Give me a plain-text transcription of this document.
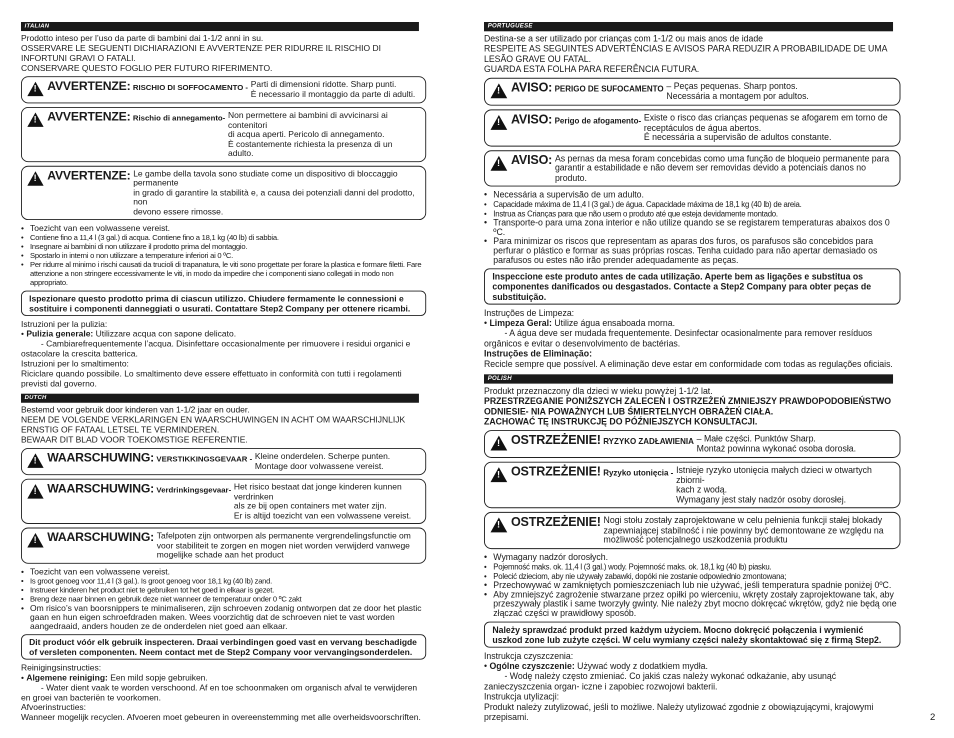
ITALIAN

Prodotto inteso per l’uso da parte di bambini dai 1-1/2 anni in su.

OSSERVARE LE SEGUENTI DICHIARAZIONI E AVVERTENZE PER RIDURRE IL RISCHIO DI INFORTUNI GRAVI O FATALI.

CONSERVARE QUESTO FOGLIO PER FUTURO RIFERIMENTO.

!
AVVERTENZE: RISCHIO DI SOFFOCAMENTO - Parti di dimensioni ridotte. Sharp punti.
È necessario il montaggio da parte di adulti.
!
AVVERTENZE: Rischio di annegamento- Non permettere ai bambini di avvicinarsi ai contenitori
di acqua aperti. Pericolo di annegamento.
È costantemente richiesta la presenza di un adulto.
!
AVVERTENZE: Le gambe della tavola sono studiate come un dispositivo di bloccaggio permanente
in grado di garantire la stabilità e, a causa dei potenziali danni del prodotto, non
devono essere rimosse.
• Toezicht van een volwassene vereist.
• Contiene fino a 11,4 l (3 gal.) di acqua. Contiene fino a 18,1 kg (40 lb) di sabbia.
• Insegnare ai bambini di non utilizzare il prodotto prima del montaggio.
• Spostarlo in interni o non utilizzare a temperature inferiori ai 0 ºC.
• Per ridurre al minimo i rischi causati da trucioli di trapanatura, le viti sono progettate per forare la plastica e formare filetti. Fare attenzione a non stringere eccessivamente le viti, in modo da impedire che i componenti siano collegati in modo non appropriato.
Ispezionare questo prodotto prima di ciascun utilizzo. Chiudere fermamente le connessioni e sostituire i componenti danneggiati o usurati. Contattare Step2 Company per ottenere ricambi.

Istruzioni per la pulizia:

• Pulizia generale: Utilizzare acqua con sapone delicato.

- Cambiarefrequentemente l’acqua. Disinfettare occasionalmente per rimuovere i residui organici e ostacolare la crescita batterica.

Istruzioni per lo smaltimento:

Riciclare quando possibile. Lo smaltimento deve essere effettuato in conformità con tutti i regolamenti previsti dal governo.

DUTCH

Bestemd voor gebruik door kinderen van 1-1/2 jaar en ouder.

NEEM DE VOLGENDE VERKLARINGEN EN WAARSCHUWINGEN IN ACHT OM WAARSCHIJNLIJK ERNSTIG OF FATAAL LETSEL TE VERMINDEREN.

BEWAAR DIT BLAD VOOR TOEKOMSTIGE REFERENTIE.

!
WAARSCHUWING: VERSTIKKINGSGEVAAR - Kleine onderdelen. Scherpe punten.
Montage door volwassene vereist.
!
WAARSCHUWING: Verdrinkingsgevaar- Het risico bestaat dat jonge kinderen kunnen verdrinken
als ze bij open containers met water zijn.
Er is altijd toezicht van een volwassene vereist.
!
WAARSCHUWING: Tafelpoten zijn ontworpen als permanente vergrendelingsfunctie om
voor stabiliteit te zorgen en mogen niet worden verwijderd vanwege
mogelijke schade aan het product
• Toezicht van een volwassene vereist.
• Is groot genoeg voor 11,4 l (3 gal.). Is groot genoeg voor 18,1 kg (40 lb) zand.
• Instrueer kinderen het product niet te gebruiken tot het goed in elkaar is gezet.
• Breng deze naar binnen en gebruik deze niet wanneer de temperatuur onder 0 ºC zakt
• Om risico’s van boorsnippers te minimaliseren, zijn schroeven zodanig ontworpen dat ze door het plastic gaan en hun eigen schroefdraden maken. Wees voorzichtig dat de schroeven niet te vast worden aangedraaid, anders houden ze de onderdelen niet goed aan elkaar.
Dit product vóór elk gebruik inspecteren. Draai verbindingen goed vast en vervang beschadigde of versleten componenten. Neem contact met de Step2 Company voor vervangingsonderdelen.

Reinigingsinstructies:

• Algemene reiniging: Een mild sopje gebruiken.

- Water dient vaak te worden verschoond. Af en toe schoonmaken om organisch afval te verwijderen en groei van bacteriën te voorkomen.

Afvoerinstructies:

Wanneer mogelijk recyclen. Afvoeren moet gebeuren in overeenstemming met alle overheidsvoorschriften.

PORTUGUESE

Destina-se a ser utilizado por crianças com 1-1/2 ou mais anos de idade

RESPEITE AS SEGUINTES ADVERTÊNCIAS E AVISOS PARA REDUZIR A PROBABILIDADE DE UMA LESÃO GRAVE OU FATAL.

GUARDA ESTA FOLHA PARA REFERÊNCIA FUTURA.

!
AVISO: PERIGO DE SUFOCAMENTO – Peças pequenas. Sharp pontos.
Necessária a montagem por adultos.
!
AVISO: Perigo de afogamento- Existe o risco das crianças pequenas se afogarem em torno de
receptáculos de água abertos.
É necessária a supervisão de adultos constante.
!
AVISO: As pernas da mesa foram concebidas como uma função de bloqueio permanente para
garantir a estabilidade e não devem ser removidas devido a potenciais danos no produto.
• Necessária a supervisão de um adulto.
• Capacidade máxima de 11,4 l (3 gal.) de água. Capacidade máxima de 18,1 kg (40 lb) de areia.
• Instrua as Crianças para que não usem o produto até que esteja devidamente montado.
• Transporte-o para uma zona interior e não utilize quando se se registarem temperaturas abaixos dos 0 ºC.
• Para minimizar os riscos que representam as aparas dos furos, os parafusos são concebidos para perfurar o plástico e formar as suas próprias roscas. Tenha cuidado para não apertar demasiado os parafusos ou estes não irão prender adequadamente as peças.
Inspeccione este produto antes de cada utilização. Aperte bem as ligações e substitua os componentes danificados ou desgastados. Contacte a Step2 Company para obter peças de substituição.

Instruções de Limpeza:

• Limpeza Geral: Utilize água ensaboada morna.

- A água deve ser mudada frequentemente. Desinfectar ocasionalmente para remover resíduos orgânicos e evitar o desenvolvimento de bactérias.

Instruções de Eliminação:

Recicle sempre que possível. A eliminação deve estar em conformidade com todas as regulações oficiais.

POLISH

Produkt przeznaczony dla dzieci w wieku powyżej 1-1/2 lat.

PRZESTRZEGANIE PONIŻSZYCH ZALECEŃ I OSTRZEŻEŃ ZMNIEJSZY PRAWDOPODOBIEŃSTWO ODNIESIE- NIA POWAŻNYCH LUB ŚMIERTELNYCH OBRAŻEŃ CIAŁA.

ZACHOWAĆ TĘ INSTRUKCJĘ DO PÓŹNIEJSZYCH KONSULTACJI.

!
OSTRZEŻENIE! RYZYKO ZADŁAWIENIA – Małe części. Punktów Sharp.
Montaż powinna wykonać osoba dorosła.
!
OSTRZEŻENIE! Ryzyko utonięcia - Istnieje ryzyko utonięcia małych dzieci w otwartych zbiorni-
kach z wodą.
Wymagany jest stały nadzór osoby dorosłej.
!
OSTRZEŻENIE! Nogi stołu zostały zaprojektowane w celu pełnienia funkcji stałej blokady
zapewniającej stabilność i nie powinny być demontowane ze względu na
możliwość potencjalnego uszkodzenia produktu
• Wymagany nadzór dorosłych.
• Pojemność maks. ok. 11,4 l (3 gal.) wody. Pojemność maks. ok. 18,1 kg (40 lb) piasku.
• Polecić dzieciom, aby nie używały zabawki, dopóki nie zostanie odpowiednio zmontowana;
• Przechowywać w zamkniętych pomieszczeniach lub nie używać, jeśli temperatura spadnie poniżej 0ºC.
• Aby zmniejszyć zagrożenie stwarzane przez opiłki po wierceniu, wkręty zostały zaprojektowane tak, aby przeszywały plastik i same tworzyły gwinty. Nie należy zbyt mocno dokręcać wkrętów, gdyż nie będą one złączać części w prawidłowy sposób.
Należy sprawdzać produkt przed każdym użyciem. Mocno dokręcić połączenia i wymienić uszkod zone lub zużyte części. W celu wymiany części należy skontaktować się z firmą Step2.

Instrukcja czyszczenia:

• Ogólne czyszczenie: Używać wody z dodatkiem mydła.

- Wodę należy często zmieniać. Co jakiś czas należy wykonać odkażanie, aby usunąć zanieczyszczenia organ- iczne i zapobiec rozwojowi bakterii.

Instrukcja utylizacji:

Produkt należy zutylizować, jeśli to możliwe. Należy utylizować zgodnie z obowiązującymi, krajowymi przepisami.	2
